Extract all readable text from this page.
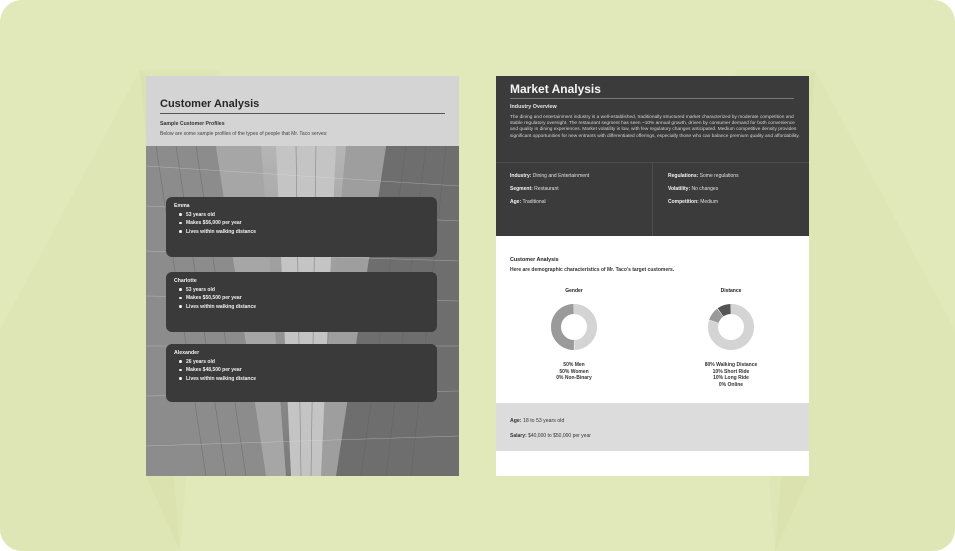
Customer Analysis
Sample Customer Profiles
Below are some sample profiles of the types of people that Mr. Taco serves:
Emma
53 years old
Makes $56,000 per year
Lives within walking distance
Charlotte
53 years old
Makes $50,500 per year
Lives within walking distance
Alexander
26 years old
Makes $48,500 per year
Lives within walking distance
Market Analysis
Industry Overview
The dining and entertainment industry is a well-established, traditionally structured market characterized by moderate competition and stable regulatory oversight. The restaurant segment has seen ~10% annual growth, driven by consumer demand for both convenience and quality in dining experiences. Market volatility is low, with few regulatory changes anticipated. Medium competitive density provides significant opportunities for new entrants with differentiated offerings, especially those who can balance premium quality and affordability.
Industry: Dining and Entertainment
Segment: Restaurant
Age: Traditional
Regulations: Some regulations
Volatility: No changes
Competition: Medium
Customer Analysis
Here are demographic characteristics of Mr. Taco's target customers.
Gender
50% Men
50% Women
0% Non-Binary
Distance
80% Walking Distance
10% Short Ride
10% Long Ride
0% Online
Age: 18 to 53 years old
Salary: $40,000 to $50,000 per year
